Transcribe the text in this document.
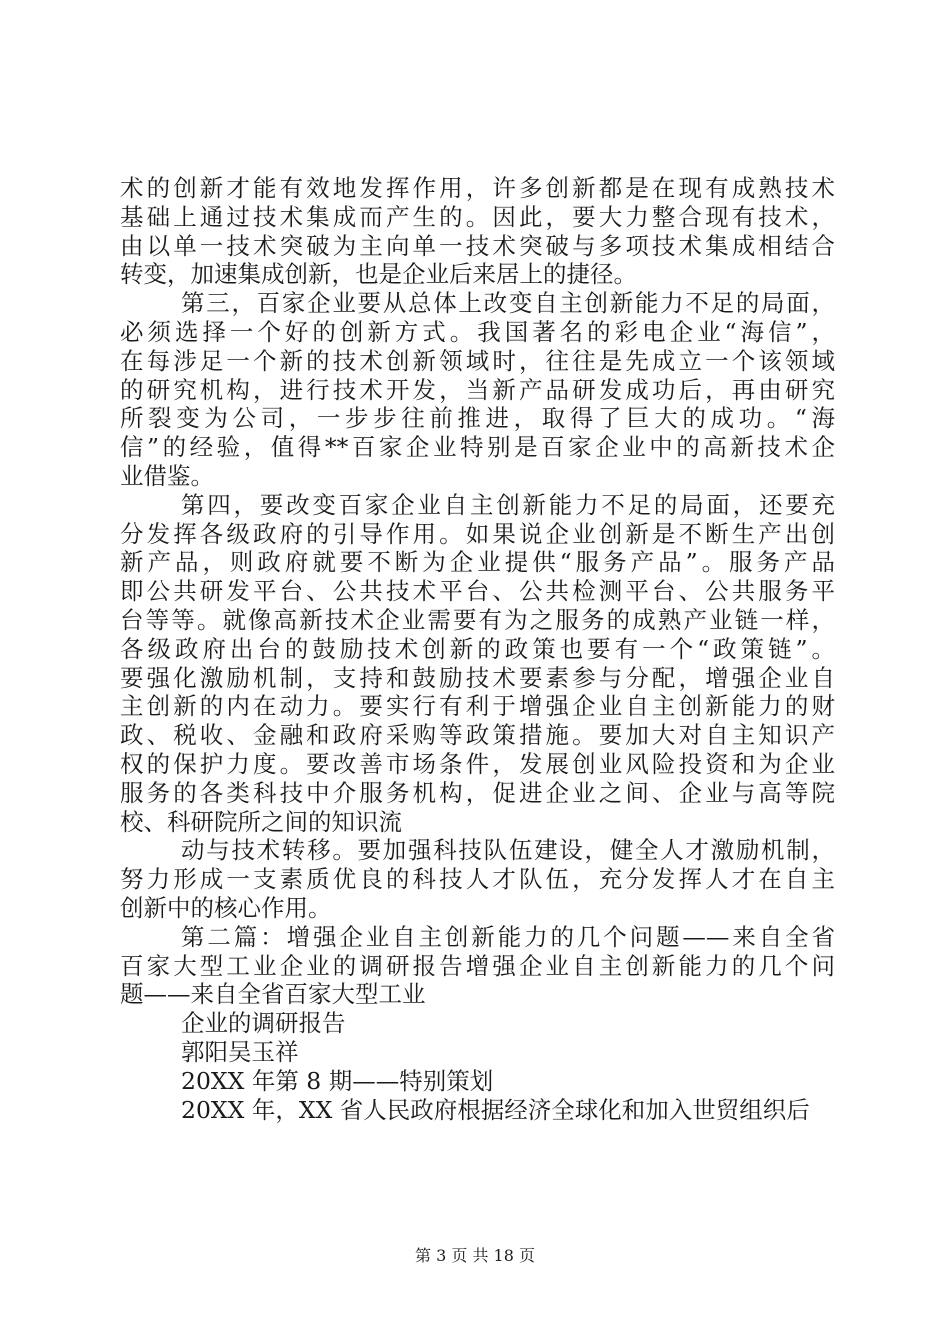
术的创新才能有效地发挥作用，许多创新都是在现有成熟技术
基础上通过技术集成而产生的。因此，要大力整合现有技术，
由以单一技术突破为主向单一技术突破与多项技术集成相结合
转变，加速集成创新，也是企业后来居上的捷径。
第三，百家企业要从总体上改变自主创新能力不足的局面，
必须选择一个好的创新方式。我国著名的彩电企业“海信”，
在每涉足一个新的技术创新领域时，往往是先成立一个该领域
的研究机构，进行技术开发，当新产品研发成功后，再由研究
所裂变为公司，一步步往前推进，取得了巨大的成功。“海
信”的经验，值得**百家企业特别是百家企业中的高新技术企
业借鉴。
第四，要改变百家企业自主创新能力不足的局面，还要充
分发挥各级政府的引导作用。如果说企业创新是不断生产出创
新产品，则政府就要不断为企业提供“服务产品”。服务产品
即公共研发平台、公共技术平台、公共检测平台、公共服务平
台等等。就像高新技术企业需要有为之服务的成熟产业链一样，
各级政府出台的鼓励技术创新的政策也要有一个“政策链”。
要强化激励机制，支持和鼓励技术要素参与分配，增强企业自
主创新的内在动力。要实行有利于增强企业自主创新能力的财
政、税收、金融和政府采购等政策措施。要加大对自主知识产
权的保护力度。要改善市场条件，发展创业风险投资和为企业
服务的各类科技中介服务机构，促进企业之间、企业与高等院
校、科研院所之间的知识流
动与技术转移。要加强科技队伍建设，健全人才激励机制，
努力形成一支素质优良的科技人才队伍，充分发挥人才在自主
创新中的核心作用。
第二篇：增强企业自主创新能力的几个问题——来自全省
百家大型工业企业的调研报告增强企业自主创新能力的几个问
题——来自全省百家大型工业
企业的调研报告
郭阳吴玉祥
20XX 年第 8 期——特别策划
20XX 年，XX 省人民政府根据经济全球化和加入世贸组织后
第 3 页 共 18 页
